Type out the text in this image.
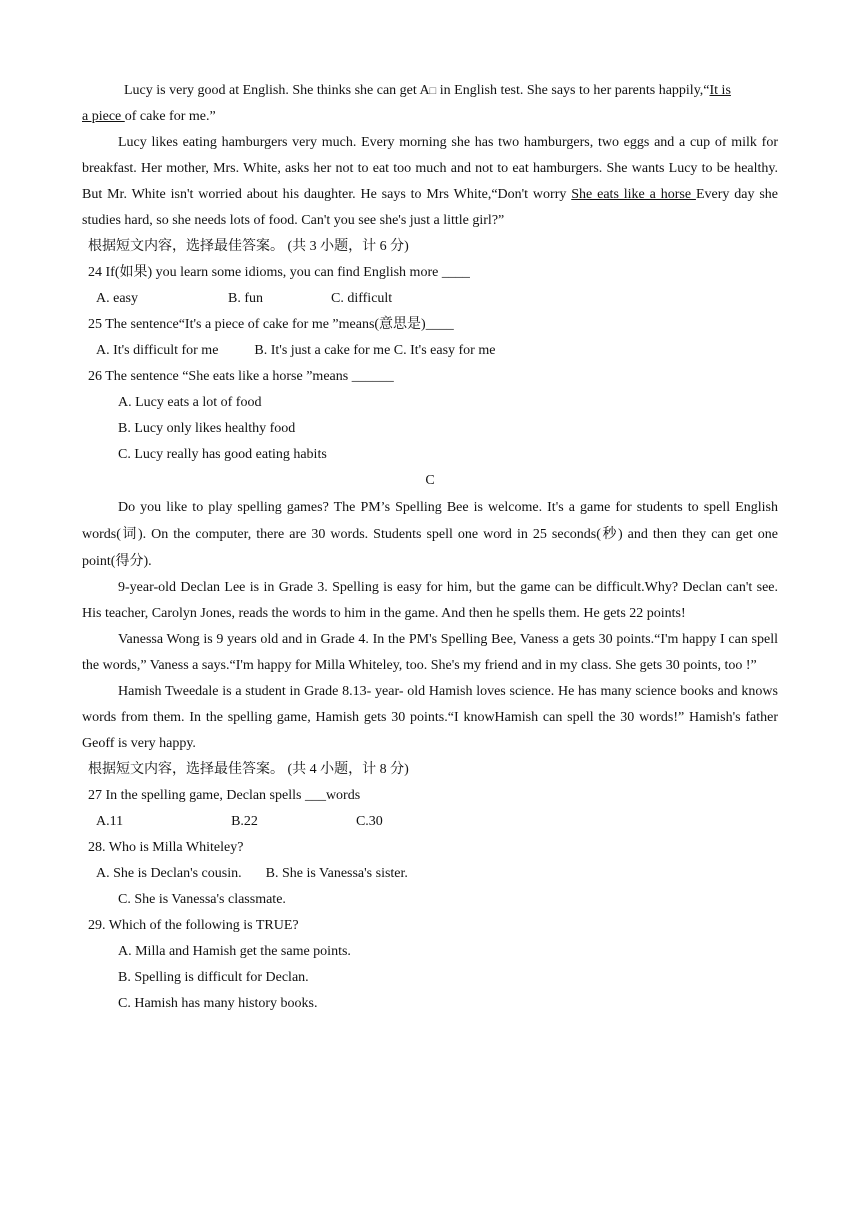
Lucy is very good at English. She thinks she can get A□ in English test. She says to her parents happily,“It is

a piece of cake for me.”

Lucy likes eating hamburgers very much. Every morning she has two hamburgers, two eggs and a cup of milk for breakfast. Her mother, Mrs. White, asks her not to eat too much and not to eat hamburgers. She wants Lucy to be healthy. But Mr. White isn't worried about his daughter. He says to Mrs White,“Don't worry She eats like a horse Every day she studies hard, so she needs lots of food. Can't you see she's just a little girl?”

根据短文内容，选择最佳答案。 (共 3 小题，计 6 分)

24 If(如果) you learn some idioms, you can find English more ____

A. easy	B. fun	C. difficult

25 The sentence“It's a piece of cake for me ”means(意思是)____

A. It's difficult for me	B. It's just a cake for me C. It's easy for me

26 The sentence “She eats like a horse ”means ______

A. Lucy eats a lot of food

B. Lucy only likes healthy food

C. Lucy really has good eating habits

C

Do you like to play spelling games? The PM’s Spelling Bee is welcome. It's a game for students to spell English words(词). On the computer, there are 30 words. Students spell one word in 25 seconds(秒) and then they can get one point(得分).

9-year-old Declan Lee is in Grade 3. Spelling is easy for him, but the game can be difficult.Why? Declan can't see. His teacher, Carolyn Jones, reads the words to him in the game. And then he spells them. He gets 22 points!

Vanessa Wong is 9 years old and in Grade 4. In the PM's Spelling Bee, Vaness a gets 30 points.“I'm happy I can spell the words,” Vaness a says.“I'm happy for Milla Whiteley, too. She's my friend and in my class. She gets 30 points, too !”

Hamish Tweedale is a student in Grade 8.13- year- old Hamish loves science. He has many science books and knows words from them. In the spelling game, Hamish gets 30 points.“I knowHamish can spell the 30 words!” Hamish's father Geoff is very happy.

根据短文内容，选择最佳答案。 (共 4 小题，计 8 分)

27 In the spelling game, Declan spells ___words

A.11	B.22	C.30

28. Who is Milla Whiteley?

A. She is Declan's cousin. B. She is Vanessa's sister.

C. She is Vanessa's classmate.

29. Which of the following is TRUE?

A. Milla and Hamish get the same points.

B. Spelling is difficult for Declan.

C. Hamish has many history books.
